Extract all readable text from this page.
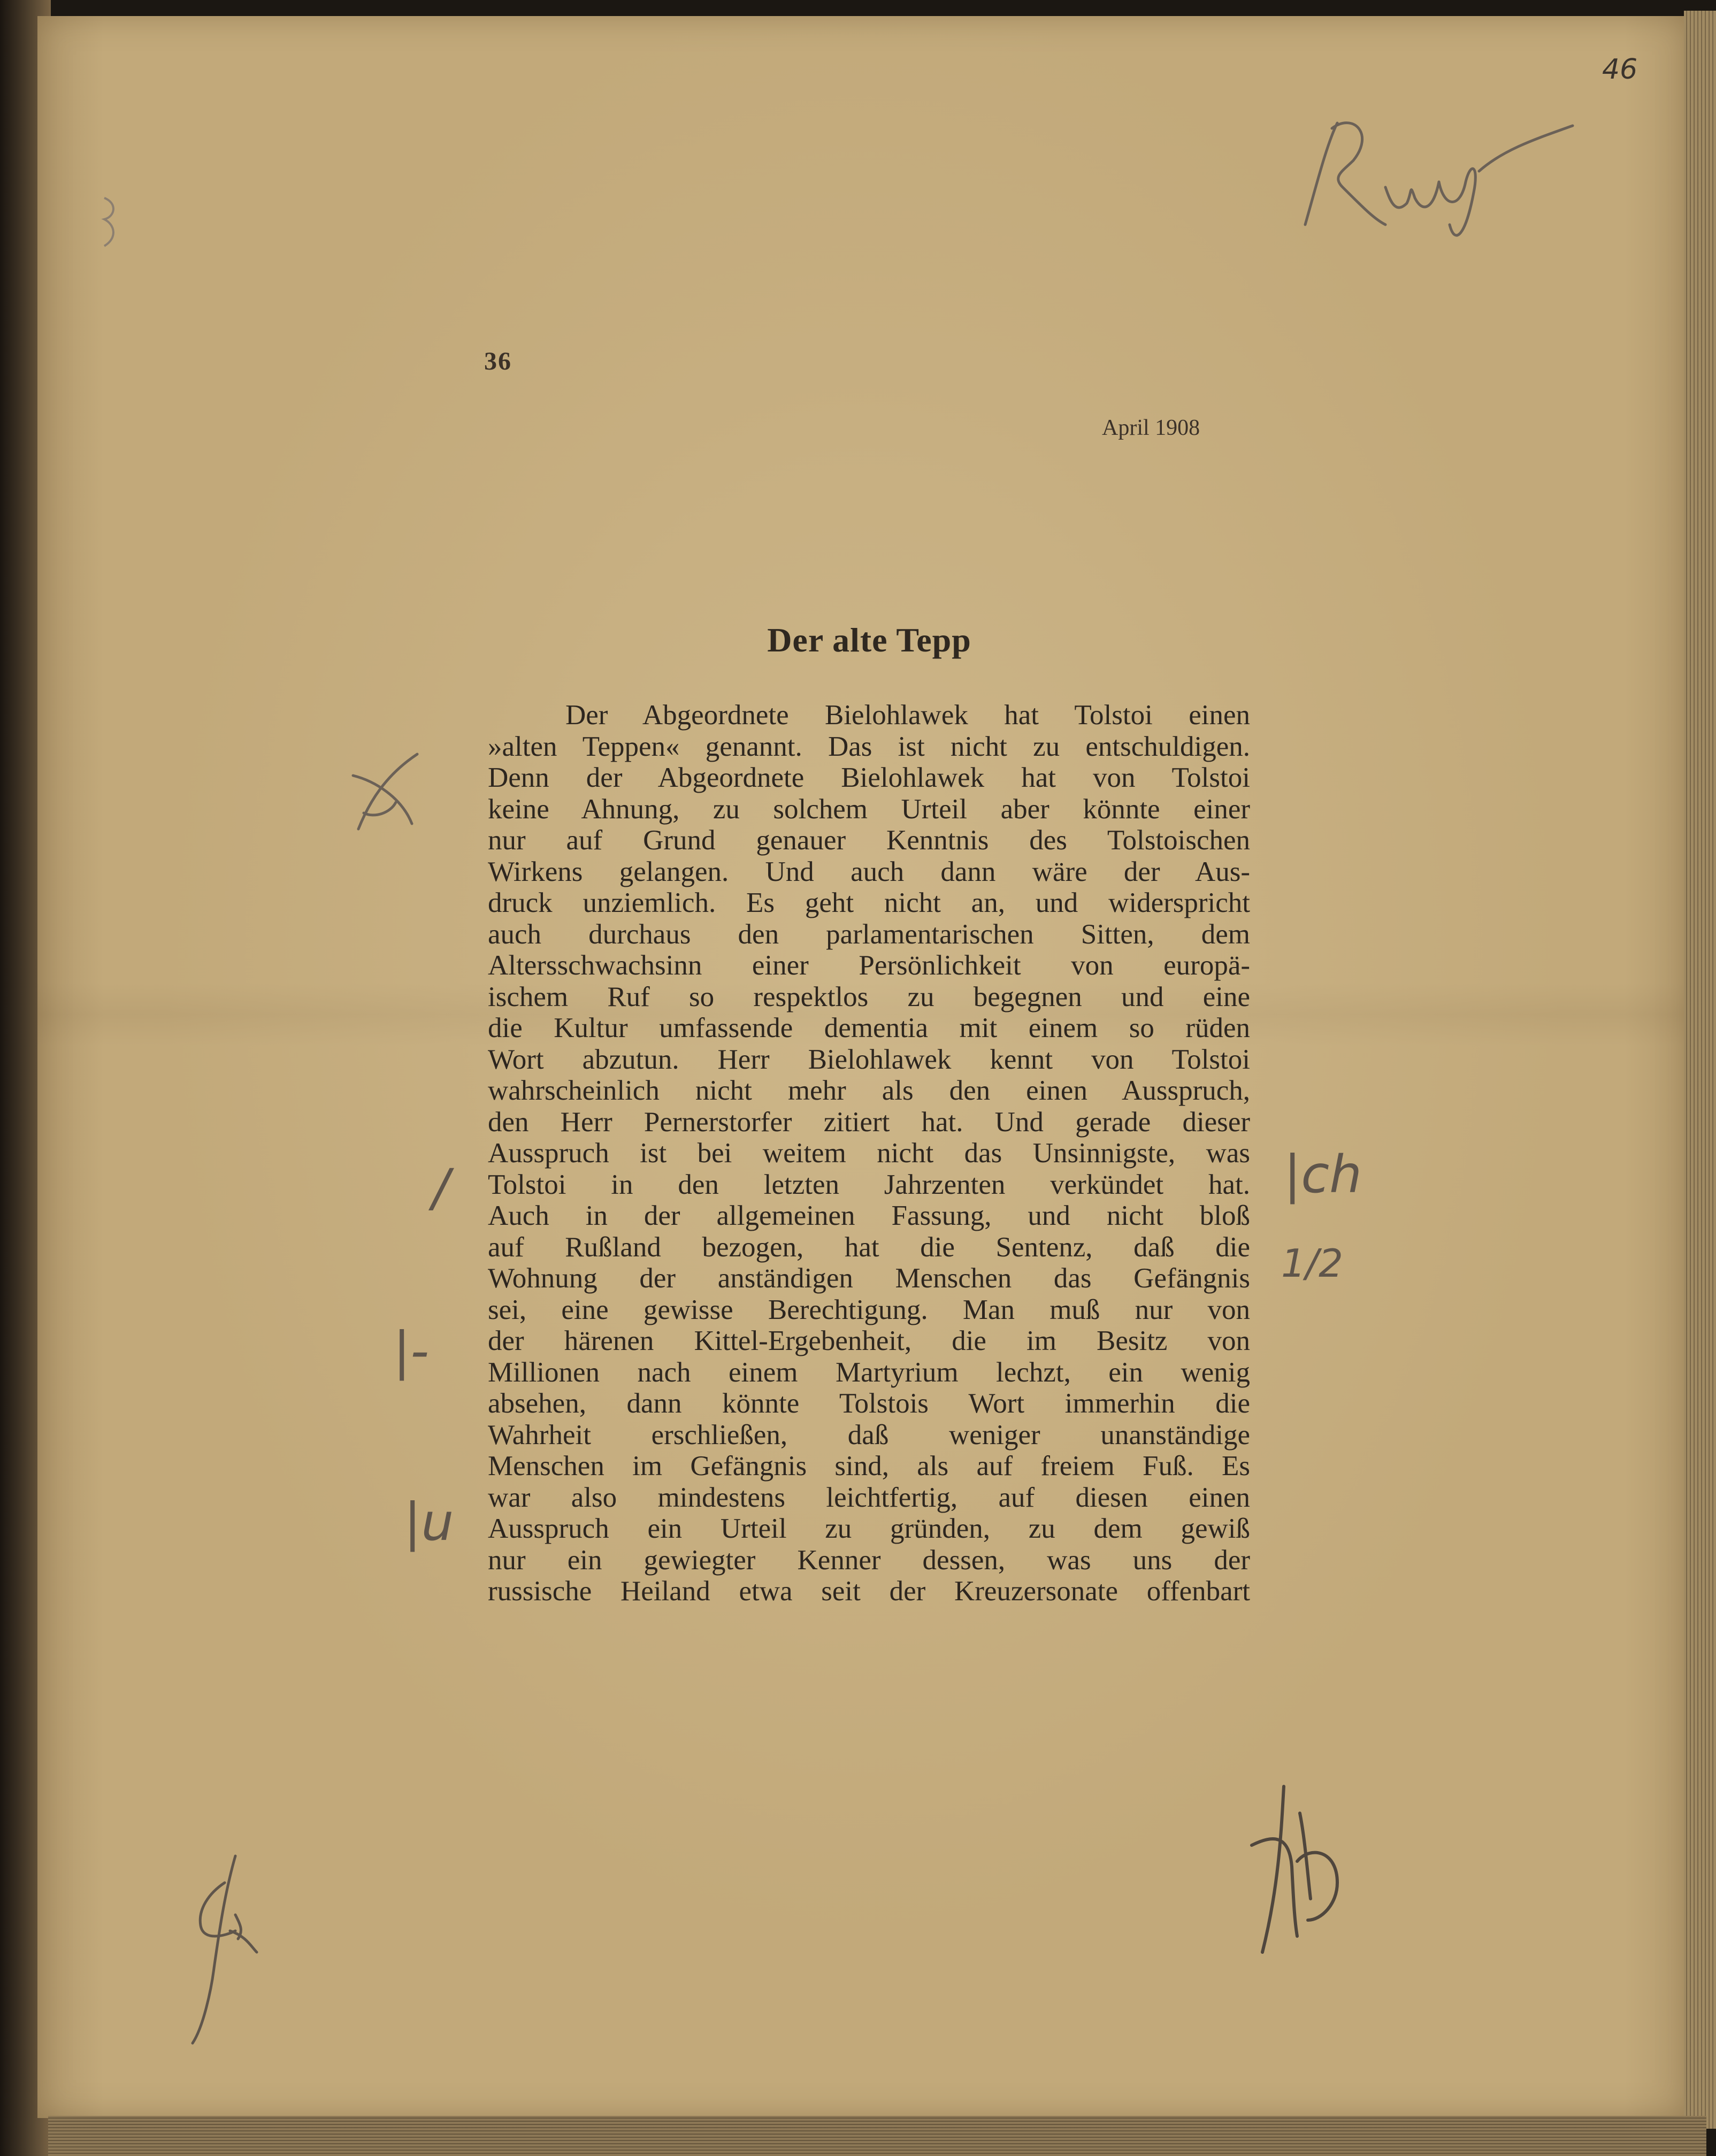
36
April 1908
Der alte Tepp
Der Abgeordnete Bielohlawek hat Tolstoi einen
»alten Teppen« genannt. Das ist nicht zu entschuldigen.
Denn der Abgeordnete Bielohlawek hat von Tolstoi
keine Ahnung, zu solchem Urteil aber könnte einer
nur auf Grund genauer Kenntnis des Tolstoischen
Wirkens gelangen. Und auch dann wäre der Aus-
druck unziemlich. Es geht nicht an, und widerspricht
auch durchaus den parlamentarischen Sitten, dem
Altersschwachsinn einer Persönlichkeit von europä-
ischem Ruf so respektlos zu begegnen und eine
die Kultur umfassende dementia mit einem so rüden
Wort abzutun. Herr Bielohlawek kennt von Tolstoi
wahrscheinlich nicht mehr als den einen Ausspruch,
den Herr Pernerstorfer zitiert hat. Und gerade dieser
Ausspruch ist bei weitem nicht das Unsinnigste, was
Tolstoi in den letzten Jahrzenten verkündet hat.
Auch in der allgemeinen Fassung, und nicht bloß
auf Rußland bezogen, hat die Sentenz, daß die
Wohnung der anständigen Menschen das Gefängnis
sei, eine gewisse Berechtigung. Man muß nur von
der härenen Kittel-Ergebenheit, die im Besitz von
Millionen nach einem Martyrium lechzt, ein wenig
absehen, dann könnte Tolstois Wort immerhin die
Wahrheit erschließen, daß weniger unanständige
Menschen im Gefängnis sind, als auf freiem Fuß. Es
war also mindestens leichtfertig, auf diesen einen
Ausspruch ein Urteil zu gründen, zu dem gewiß
nur ein gewiegter Kenner dessen, was uns der
russische Heiland etwa seit der Kreuzersonate offenbart
46
|ch
1/2
|u
/
|-
